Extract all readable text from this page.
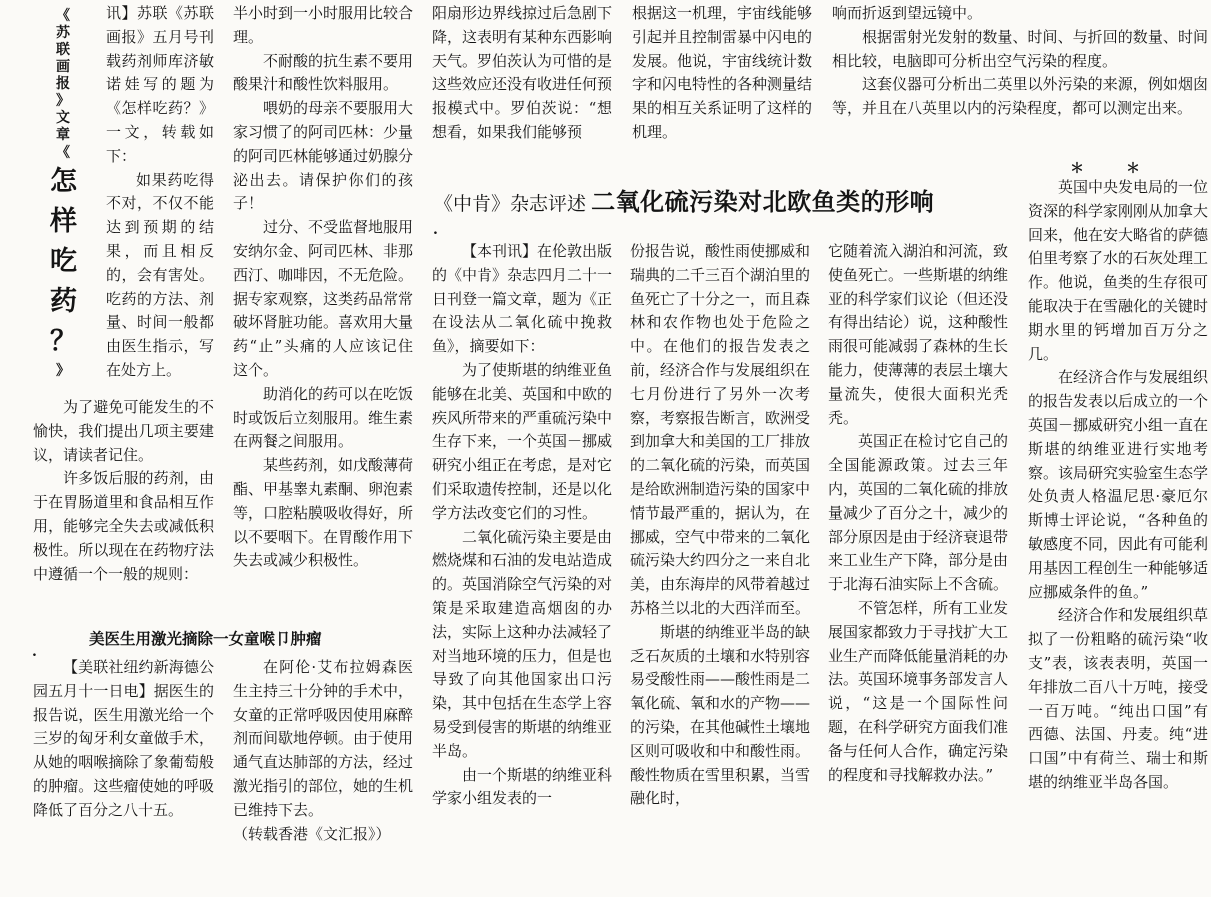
《
苏
联
画
报
》
文
章
《
怎
样
吃
药
？
》

讯】苏联《苏联画报》五月号刊载药剂师库济敏诺娃写的题为《怎样吃药？》一文，转载如下：

如果药吃得不对，不仅不能达到预期的结果，而且相反的，会有害处。吃药的方法、剂量、时间一般都由医生指示，写在处方上。

为了避免可能发生的不愉快，我们提出几项主要建议，请读者记住。

许多饭后服的药剂，由于在胃肠道里和食品相互作用，能够完全失去或减低积极性。所以现在在药物疗法中遵循一个一般的规则：

半小时到一小时服用比较合理。

不耐酸的抗生素不要用酸果汁和酸性饮料服用。

喂奶的母亲不要服用大家习惯了的阿司匹林：少量的阿司匹林能够通过奶腺分泌出去。请保护你们的孩子！

过分、不受监督地服用安纳尔金、阿司匹林、非那西汀、咖啡因，不无危险。据专家观察，这类药品常常破坏肾脏功能。喜欢用大量药“止”头痛的人应该记住这个。

助消化的药可以在吃饭时或饭后立刻服用。维生素在两餐之间服用。

某些药剂，如戊酸薄荷酯、甲基睾丸素酮、卵泡素等，口腔粘膜吸收得好，所以不要咽下。在胃酸作用下失去或减少积极性。

美医生用激光摘除一女童喉卩肿瘤
.

【美联社纽约新海德公园五月十一日电】据医生的报告说，医生用激光给一个三岁的匈牙利女童做手术，从她的咽喉摘除了象葡萄般的肿瘤。这些瘤使她的呼吸降低了百分之八十五。

在阿伦·艾布拉姆森医生主持三十分钟的手术中，女童的正常呼吸因使用麻醉剂而间歇地停顿。由于使用通气直达肺部的方法，经过激光指引的部位，她的生机已维持下去。

（转载香港《文汇报》）

阳扇形边界线掠过后急剧下降，这表明有某种东西影响天气。罗伯茨认为可惜的是这些效应还没有收进任何预报模式中。罗伯茨说：“想想看，如果我们能够预

根据这一机理，宇宙线能够引起并且控制雷暴中闪电的发展。他说，宇宙线统计数字和闪电特性的各种测量结果的相互关系证明了这样的机理。

响而折返到望远镜中。

根据雷射光发射的数量、时间、与折回的数量、时间相比较，电脑即可分析出空气污染的程度。

这套仪器可分析出二英里以外污染的来源，例如烟囱等，并且在八英里以内的污染程度，都可以测定出来。

＊　　　＊
《中肯》杂志评述 二氧化硫污染对北欧鱼类的形响
.

【本刊讯】在伦敦出版的《中肯》杂志四月二十一日刊登一篇文章，题为《正在设法从二氧化硫中挽救鱼》，摘要如下：

为了使斯堪的纳维亚鱼能够在北美、英国和中欧的疾风所带来的严重硫污染中生存下来，一个英国－挪威研究小组正在考虑，是对它们采取遗传控制，还是以化学方法改变它们的习性。

二氧化硫污染主要是由燃烧煤和石油的发电站造成的。英国消除空气污染的对策是采取建造高烟囱的办法，实际上这种办法减轻了对当地环境的压力，但是也导致了向其他国家出口污染，其中包括在生态学上容易受到侵害的斯堪的纳维亚半岛。

由一个斯堪的纳维亚科学家小组发表的一

份报告说，酸性雨使挪威和瑞典的二千三百个湖泊里的鱼死亡了十分之一，而且森林和农作物也处于危险之中。在他们的报告发表之前，经济合作与发展组织在七月份进行了另外一次考察，考察报告断言，欧洲受到加拿大和美国的工厂排放的二氧化硫的污染，而英国是给欧洲制造污染的国家中情节最严重的，据认为，在挪威，空气中带来的二氧化硫污染大约四分之一来自北美，由东海岸的风带着越过苏格兰以北的大西洋而至。

斯堪的纳维亚半岛的缺乏石灰质的土壤和水特别容易受酸性雨——酸性雨是二氧化硫、氧和水的产物——的污染，在其他碱性土壤地区则可吸收和中和酸性雨。酸性物质在雪里积累，当雪融化时，

它随着流入湖泊和河流，致使鱼死亡。一些斯堪的纳维亚的科学家们议论（但还没有得出结论）说，这种酸性雨很可能减弱了森林的生长能力，使薄薄的表层土壤大量流失，使很大面积光秃秃。

英国正在检讨它自己的全国能源政策。过去三年内，英国的二氧化硫的排放量减少了百分之十，减少的部分原因是由于经济衰退带来工业生产下降，部分是由于北海石油实际上不含硫。

不管怎样，所有工业发展国家都致力于寻找扩大工业生产而降低能量消耗的办法。英国环境事务部发言人说，“这是一个国际性问题，在科学研究方面我们准备与任何人合作，确定污染的程度和寻找解救办法。”

英国中央发电局的一位资深的科学家刚刚从加拿大回来，他在安大略省的萨德伯里考察了水的石灰处理工作。他说，鱼类的生存很可能取决于在雪融化的关键时期水里的钙增加百万分之几。

在经济合作与发展组织的报告发表以后成立的一个英国－挪威研究小组一直在斯堪的纳维亚进行实地考察。该局研究实验室生态学处负责人格温尼思·豪厄尔斯博士评论说，“各种鱼的敏感度不同，因此有可能利用基因工程创生一种能够适应挪威条件的鱼。”

经济合作和发展组织草拟了一份粗略的硫污染“收支”表，该表表明，英国一年排放二百八十万吨，接受一百万吨。“纯出口国”有西德、法国、丹麦。纯“进口国”中有荷兰、瑞士和斯堪的纳维亚半岛各国。
